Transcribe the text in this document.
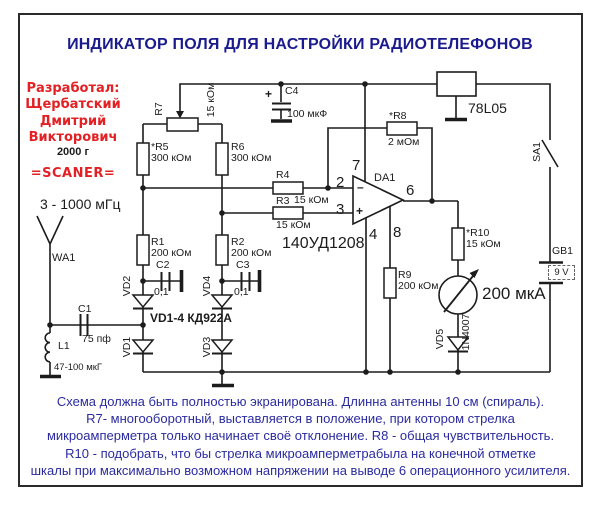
ИНДИКАТОР ПОЛЯ ДЛЯ НАСТРОЙКИ РАДИОТЕЛЕФОНОВ
Разработал:
Щербатский
Дмитрий
Викторович
2000 г
=SCANER=
3 - 1000 мГц
WA1
C1
75 пф
L1
47-100 мкГ
R7	15 кОм
*R5
300 кОм
R6
300 кОм
R1
200 кОм
R2
200 кОм
C2
0,1
C3
0,1
VD2
VD1
VD4
VD3
VD1-4 КД922А
+ C4
100 мкФ	78L05
*R8
2 мОм
R4
R3 15 кОм
15 кОм
DA1
140УД1208
2
3
7
4 8
6
–
+
R9
200 кОм
*R10
15 кОм
200 мкА
VD5 1N4007
SA1
GB1
9 V
Схема должна быть полностью экранирована. Длинна антенны 10 см (спираль).
R7- многооборотный, выставляется в положение, при котором стрелка
микроамперметра только начинает своё отклонение. R8 - общая чувствительность.
R10 - подобрать, что бы стрелка микроамперметрабыла на конечной отметке
шкалы при максимально возможном напряжении на выводе 6 операционного усилителя.
